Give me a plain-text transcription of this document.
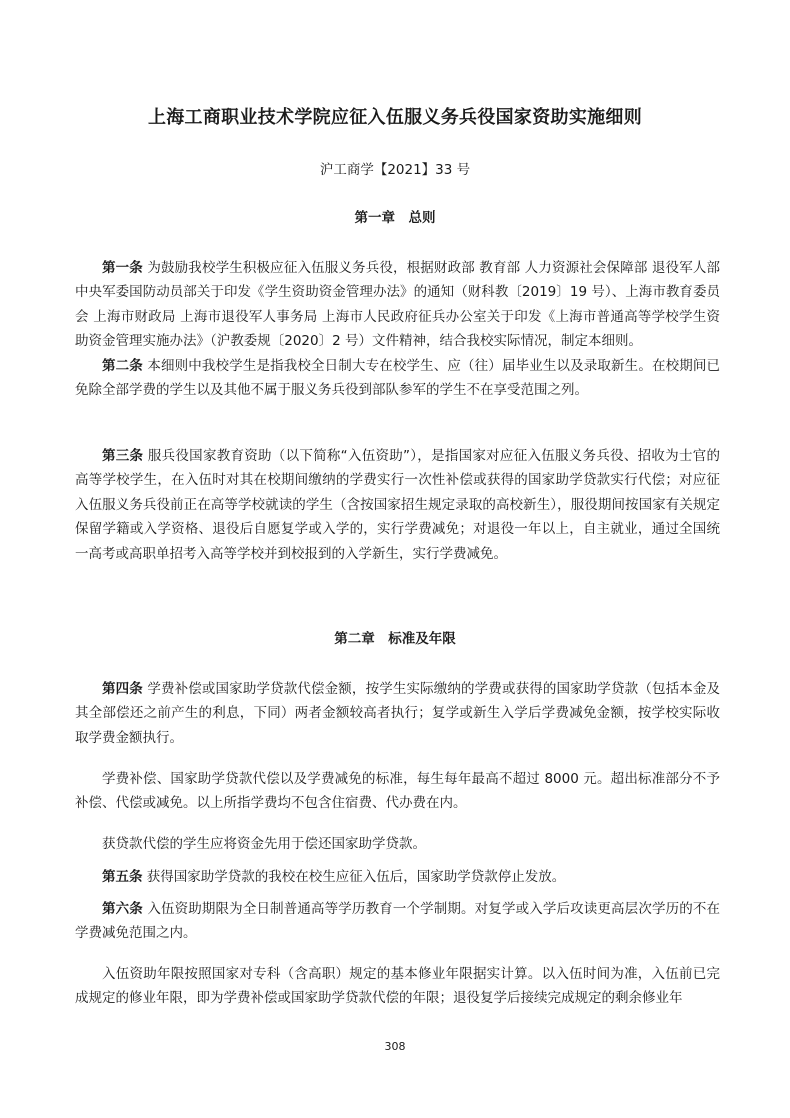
上海工商职业技术学院应征入伍服义务兵役国家资助实施细则
沪工商学【2021】33 号
第一章　总则
第一条 为鼓励我校学生积极应征入伍服义务兵役，根据财政部 教育部 人力资源社会保障部 退役军人部 中央军委国防动员部关于印发《学生资助资金管理办法》的通知（财科教〔2019〕19 号）、上海市教育委员会 上海市财政局 上海市退役军人事务局 上海市人民政府征兵办公室关于印发《上海市普通高等学校学生资助资金管理实施办法》（沪教委规〔2020〕2 号）文件精神，结合我校实际情况，制定本细则。
第二条 本细则中我校学生是指我校全日制大专在校学生、应（往）届毕业生以及录取新生。在校期间已免除全部学费的学生以及其他不属于服义务兵役到部队参军的学生不在享受范围之列。
第三条 服兵役国家教育资助（以下简称“入伍资助”），是指国家对应征入伍服义务兵役、招收为士官的高等学校学生，在入伍时对其在校期间缴纳的学费实行一次性补偿或获得的国家助学贷款实行代偿；对应征入伍服义务兵役前正在高等学校就读的学生（含按国家招生规定录取的高校新生），服役期间按国家有关规定保留学籍或入学资格、退役后自愿复学或入学的，实行学费减免；对退役一年以上，自主就业，通过全国统一高考或高职单招考入高等学校并到校报到的入学新生，实行学费减免。
第二章　标准及年限
第四条 学费补偿或国家助学贷款代偿金额，按学生实际缴纳的学费或获得的国家助学贷款（包括本金及其全部偿还之前产生的利息，下同）两者金额较高者执行；复学或新生入学后学费减免金额，按学校实际收取学费金额执行。
学费补偿、国家助学贷款代偿以及学费减免的标准，每生每年最高不超过 8000 元。超出标准部分不予补偿、代偿或减免。以上所指学费均不包含住宿费、代办费在内。
获贷款代偿的学生应将资金先用于偿还国家助学贷款。
第五条 获得国家助学贷款的我校在校生应征入伍后，国家助学贷款停止发放。
第六条 入伍资助期限为全日制普通高等学历教育一个学制期。对复学或入学后攻读更高层次学历的不在学费减免范围之内。
入伍资助年限按照国家对专科（含高职）规定的基本修业年限据实计算。以入伍时间为准，入伍前已完成规定的修业年限，即为学费补偿或国家助学贷款代偿的年限；退役复学后接续完成规定的剩余修业年
308
